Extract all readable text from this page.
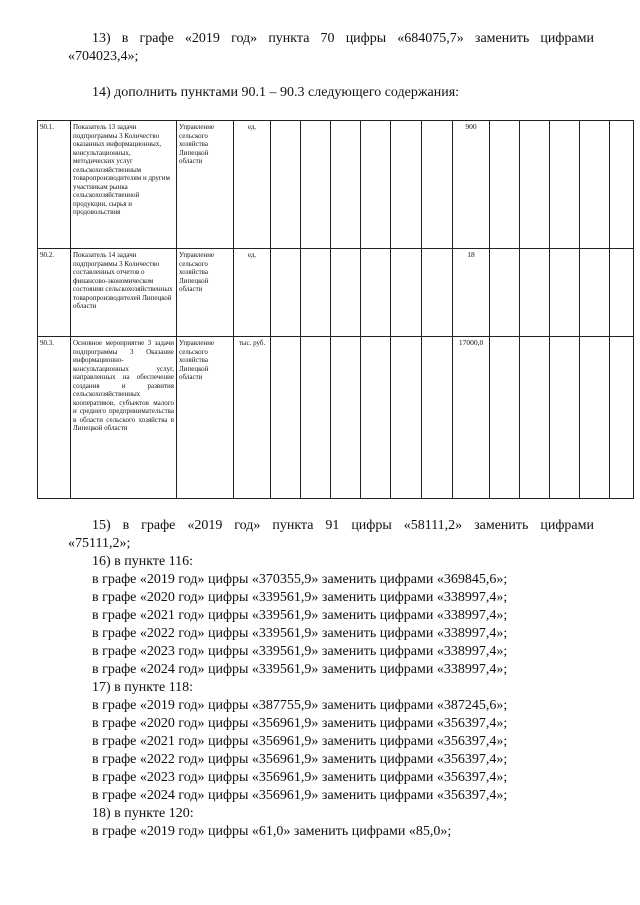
13) в графе «2019 год» пункта 70 цифры «684075,7» заменить цифрами
«704023,4»;
14) дополнить пунктами 90.1 – 90.3 следующего содержания:
90.1.	Показатель 13 задачи подпрограммы 3 Количество оказанных информационных, консультационных, методических услуг сельскохозяйственным товаропроизводителям и другим участникам рынка сельскохозяйственной продукции, сырья и продовольствия	Управление сельского хозяйства Липецкой области	ед.							900					
90.2.	Показатель 14 задачи подпрограммы 3 Количество составленных отчетов о финансово-экономическом состоянии сельскохозяйственных товаропроизводителей Липецкой области	Управление сельского хозяйства Липецкой области	ед.							18					
90.3.	Основное мероприятие 3 задачи подпрограммы 3 Оказание информационно-консультационных услуг, направленных на обеспечение создания и развития сельскохозяйственных кооперативов, субъектов малого и среднего предпринимательства в области сельского хозяйства в Липецкой области	Управление сельского хозяйства Липецкой области	тыс. руб.							17000,0					
15) в графе «2019 год» пункта 91 цифры «58111,2» заменить цифрами
«75111,2»;
16) в пункте 116:
в графе «2019 год» цифры «370355,9» заменить цифрами «369845,6»;
в графе «2020 год» цифры «339561,9» заменить цифрами «338997,4»;
в графе «2021 год» цифры «339561,9» заменить цифрами «338997,4»;
в графе «2022 год» цифры «339561,9» заменить цифрами «338997,4»;
в графе «2023 год» цифры «339561,9» заменить цифрами «338997,4»;
в графе «2024 год» цифры «339561,9» заменить цифрами «338997,4»;
17) в пункте 118:
в графе «2019 год» цифры «387755,9» заменить цифрами «387245,6»;
в графе «2020 год» цифры «356961,9» заменить цифрами «356397,4»;
в графе «2021 год» цифры «356961,9» заменить цифрами «356397,4»;
в графе «2022 год» цифры «356961,9» заменить цифрами «356397,4»;
в графе «2023 год» цифры «356961,9» заменить цифрами «356397,4»;
в графе «2024 год» цифры «356961,9» заменить цифрами «356397,4»;
18) в пункте 120:
в графе «2019 год» цифры «61,0» заменить цифрами «85,0»;
